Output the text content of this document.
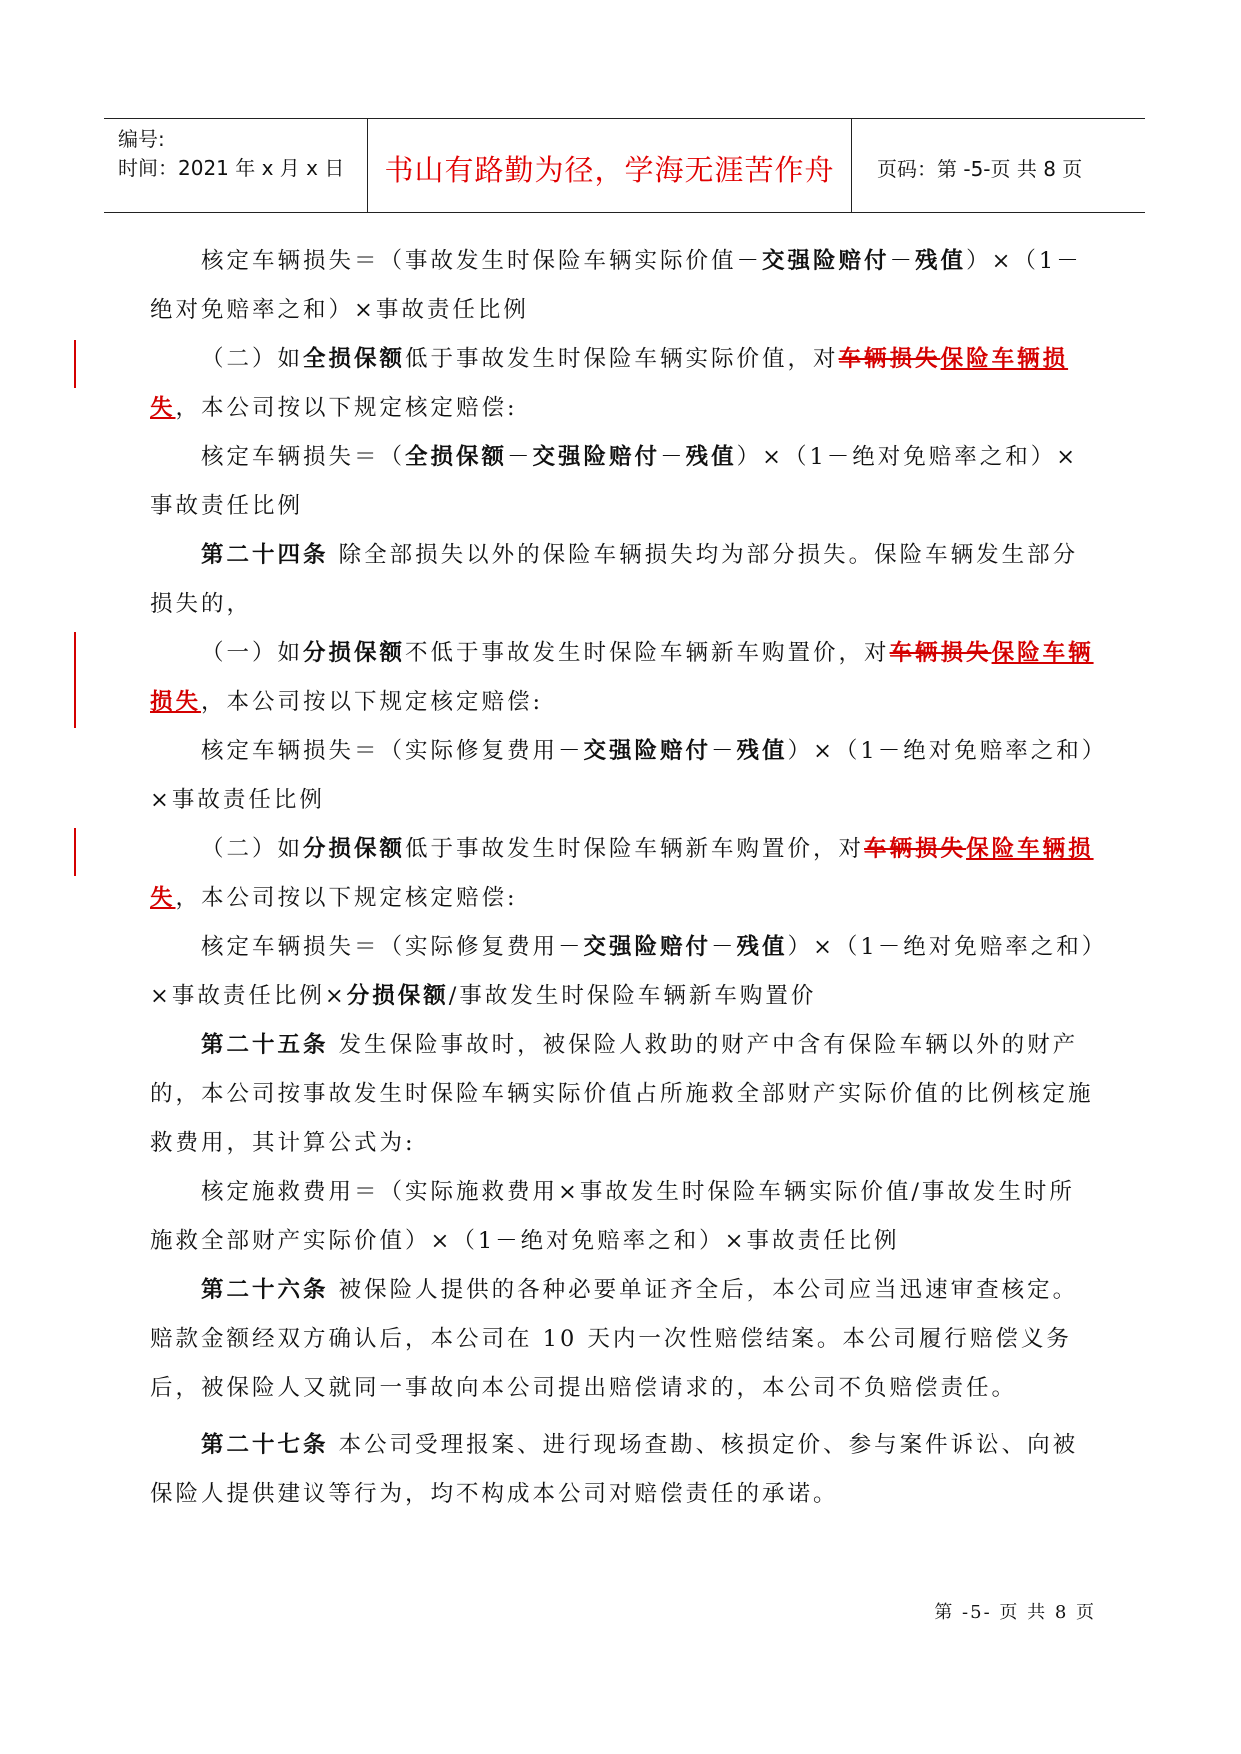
编号:
时间：2021 年 x 月 x 日	书山有路勤为径，学海无涯苦作舟	页码：第 -5-页 共 8 页

核定车辆损失＝（事故发生时保险车辆实际价值－交强险赔付－残值）×（1－绝对免赔率之和）×事故责任比例

（二）如全损保额低于事故发生时保险车辆实际价值，对车辆损失保险车辆损失，本公司按以下规定核定赔偿:

核定车辆损失＝（全损保额－交强险赔付－残值）×（1－绝对免赔率之和）×事故责任比例

第二十四条 除全部损失以外的保险车辆损失均为部分损失。保险车辆发生部分损失的，

（一）如分损保额不低于事故发生时保险车辆新车购置价，对车辆损失保险车辆损失，本公司按以下规定核定赔偿:

核定车辆损失＝（实际修复费用－交强险赔付－残值）×（1－绝对免赔率之和）×事故责任比例

（二）如分损保额低于事故发生时保险车辆新车购置价，对车辆损失保险车辆损失，本公司按以下规定核定赔偿:

核定车辆损失＝（实际修复费用－交强险赔付－残值）×（1－绝对免赔率之和）×事故责任比例×分损保额/事故发生时保险车辆新车购置价

第二十五条 发生保险事故时，被保险人救助的财产中含有保险车辆以外的财产的，本公司按事故发生时保险车辆实际价值占所施救全部财产实际价值的比例核定施救费用，其计算公式为:

核定施救费用＝（实际施救费用×事故发生时保险车辆实际价值/事故发生时所施救全部财产实际价值）×（1－绝对免赔率之和）×事故责任比例

第二十六条 被保险人提供的各种必要单证齐全后，本公司应当迅速审查核定。赔款金额经双方确认后，本公司在 10 天内一次性赔偿结案。本公司履行赔偿义务后，被保险人又就同一事故向本公司提出赔偿请求的，本公司不负赔偿责任。

第二十七条 本公司受理报案、进行现场查勘、核损定价、参与案件诉讼、向被保险人提供建议等行为，均不构成本公司对赔偿责任的承诺。

第 -5- 页 共 8 页
